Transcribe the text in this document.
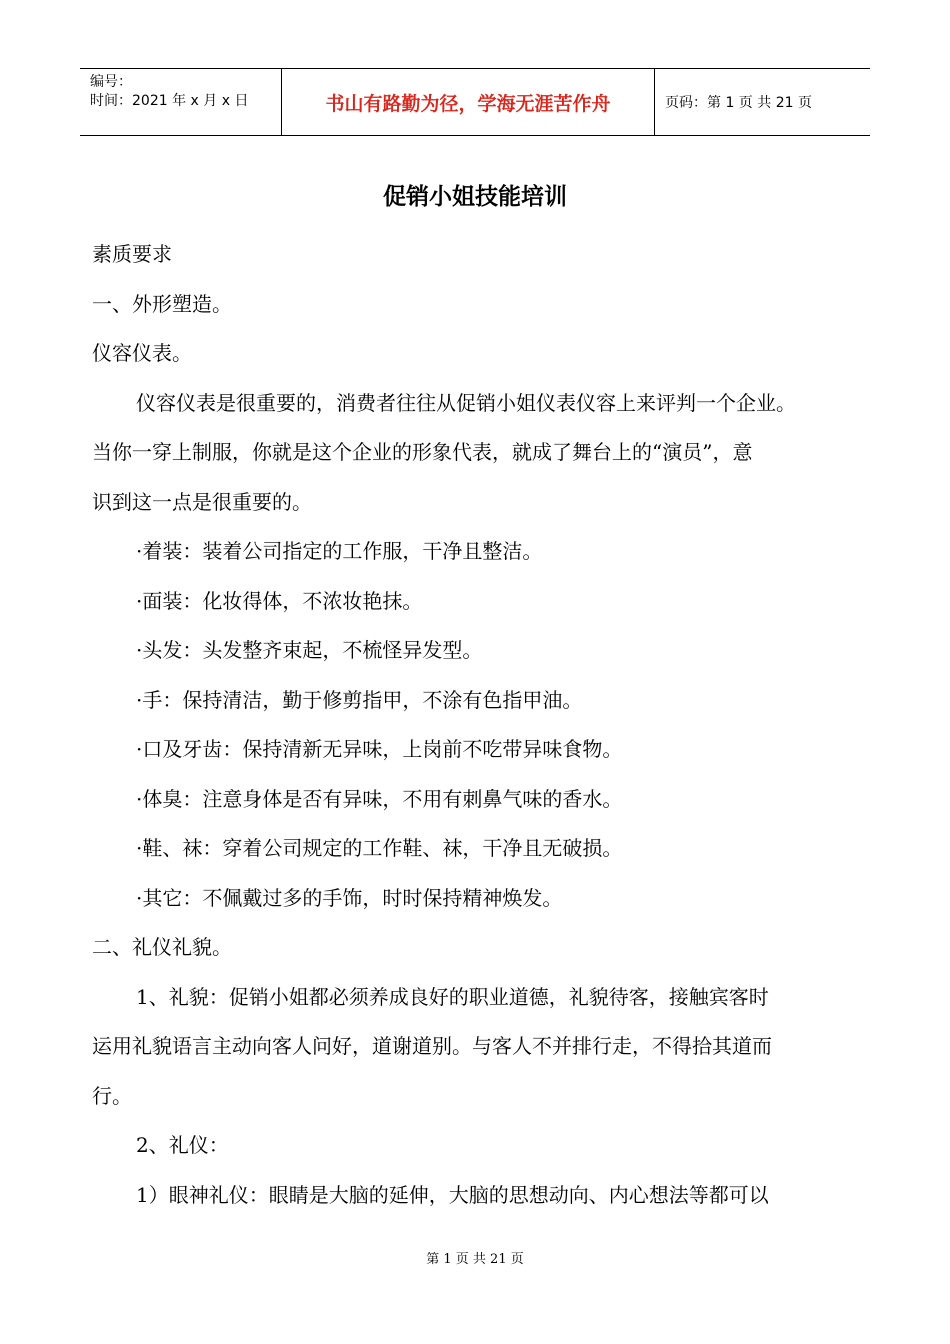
编号：
时间：2021 年 x 月 x 日	书山有路勤为径，学海无涯苦作舟	页码：第 1 页 共 21 页
促销小姐技能培训
素质要求
一、外形塑造。
仪容仪表。
仪容仪表是很重要的，消费者往往从促销小姐仪表仪容上来评判一个企业。
当你一穿上制服，你就是这个企业的形象代表，就成了舞台上的“演员”，意
识到这一点是很重要的。
·着装：装着公司指定的工作服，干净且整洁。
·面装：化妆得体，不浓妆艳抹。
·头发：头发整齐束起，不梳怪异发型。
·手：保持清洁，勤于修剪指甲，不涂有色指甲油。
·口及牙齿：保持清新无异味，上岗前不吃带异味食物。
·体臭：注意身体是否有异味，不用有刺鼻气味的香水。
·鞋、袜：穿着公司规定的工作鞋、袜，干净且无破损。
·其它：不佩戴过多的手饰，时时保持精神焕发。
二、礼仪礼貌。
1、礼貌：促销小姐都必须养成良好的职业道德，礼貌待客，接触宾客时
运用礼貌语言主动向客人问好，道谢道别。与客人不并排行走，不得拾其道而
行。
2、礼仪：
1）眼神礼仪：眼睛是大脑的延伸，大脑的思想动向、内心想法等都可以
第 1 页 共 21 页
